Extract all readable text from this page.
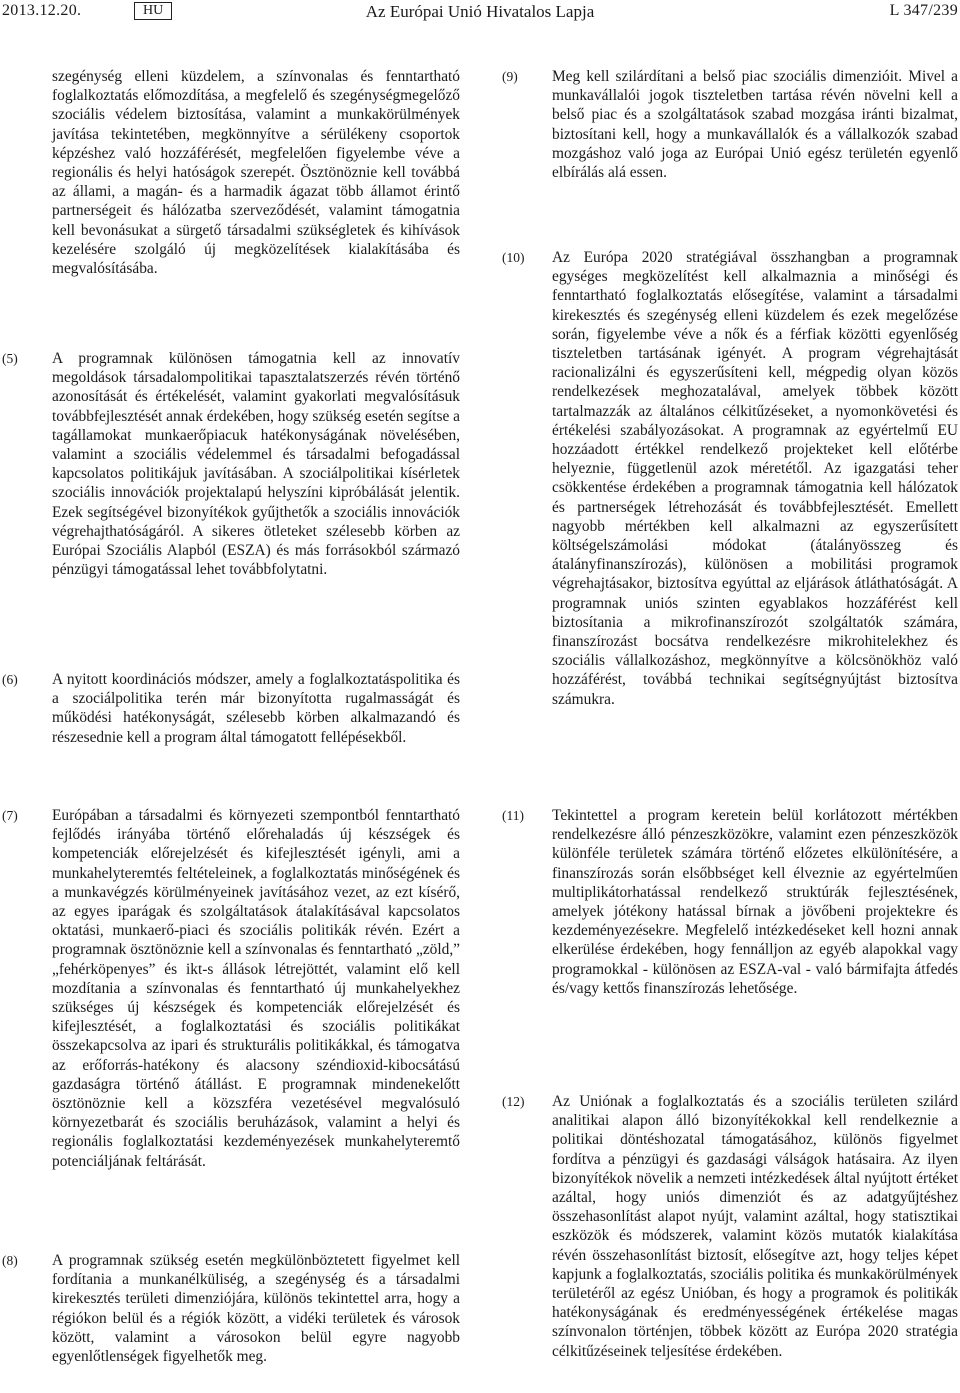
2013.12.20.	HU	Az Európai Unió Hivatalos Lapja	L 347/239
szegénység elleni küzdelem, a színvonalas és fenntartható foglalkoztatás előmozdítása, a megfelelő és szegénységmegelőző szociális védelem biztosítása, valamint a munkakörülmények javítása tekintetében, megkönnyítve a sérülékeny csoportok képzéshez való hozzáférését, megfelelően figyelembe véve a regionális és helyi hatóságok szerepét. Ösztönöznie kell továbbá az állami, a magán- és a harmadik ágazat több államot érintő partnerségeit és hálózatba szerveződését, valamint támogatnia kell bevonásukat a sürgető társadalmi szükségletek és kihívások kezelésére szolgáló új megközelítések kialakításába és megvalósításába.
(5) A programnak különösen támogatnia kell az innovatív megoldások társadalompolitikai tapasztalatszerzés révén történő azonosítását és értékelését, valamint gyakorlati megvalósításuk továbbfejlesztését annak érdekében, hogy szükség esetén segítse a tagállamokat munkaerőpiacuk hatékonyságának növelésében, valamint a szociális védelemmel és társadalmi befogadással kapcsolatos politikájuk javításában. A szociálpolitikai kísérletek szociális innovációk projektalapú helyszíni kipróbálását jelentik. Ezek segítségével bizonyítékok gyűjthetők a szociális innovációk végrehajthatóságáról. A sikeres ötleteket szélesebb körben az Európai Szociális Alapból (ESZA) és más forrásokból származó pénzügyi támogatással lehet továbbfolytatni.
(6) A nyitott koordinációs módszer, amely a foglalkoztatáspolitika és a szociálpolitika terén már bizonyította rugalmasságát és működési hatékonyságát, szélesebb körben alkalmazandó és részesednie kell a program által támogatott fellépésekből.
(7) Európában a társadalmi és környezeti szempontból fenntartható fejlődés irányába történő előrehaladás új készségek és kompetenciák előrejelzését és kifejlesztését igényli, ami a munkahelyteremtés feltételeinek, a foglalkoztatás minőségének és a munkavégzés körülményeinek javításához vezet, az ezt kísérő, az egyes iparágak és szolgáltatások átalakításával kapcsolatos oktatási, munkaerő-piaci és szociális politikák révén. Ezért a programnak ösztönöznie kell a színvonalas és fenntartható „zöld,” „fehérköpenyes” és ikt-s állások létrejöttét, valamint elő kell mozdítania a színvonalas és fenntartható új munkahelyekhez szükséges új készségek és kompetenciák előrejelzését és kifejlesztését, a foglalkoztatási és szociális politikákat összekapcsolva az ipari és strukturális politikákkal, és támogatva az erőforrás-hatékony és alacsony széndioxid-kibocsátású gazdaságra történő átállást. E programnak mindenekelőtt ösztönöznie kell a közszféra vezetésével megvalósuló környezetbarát és szociális beruházások, valamint a helyi és regionális foglalkoztatási kezdeményezések munkahelyteremtő potenciáljának feltárását.
(8) A programnak szükség esetén megkülönböztetett figyelmet kell fordítania a munkanélküliség, a szegénység és a társadalmi kirekesztés területi dimenziójára, különös tekintettel arra, hogy a régiókon belül és a régiók között, a vidéki területek és városok között, valamint a városokon belül egyre nagyobb egyenlőtlenségek figyelhetők meg.
(9) Meg kell szilárdítani a belső piac szociális dimenzióit. Mivel a munkavállalói jogok tiszteletben tartása révén növelni kell a belső piac és a szolgáltatások szabad mozgása iránti bizalmat, biztosítani kell, hogy a munkavállalók és a vállalkozók szabad mozgáshoz való joga az Európai Unió egész területén egyenlő elbírálás alá essen.
(10) Az Európa 2020 stratégiával összhangban a programnak egységes megközelítést kell alkalmaznia a minőségi és fenntartható foglalkoztatás elősegítése, valamint a társadalmi kirekesztés és szegénység elleni küzdelem és ezek megelőzése során, figyelembe véve a nők és a férfiak közötti egyenlőség tiszteletben tartásának igényét. A program végrehajtását racionalizálni és egyszerűsíteni kell, mégpedig olyan közös rendelkezések meghozatalával, amelyek többek között tartalmazzák az általános célkitűzéseket, a nyomonkövetési és értékelési szabályozásokat. A programnak az egyértelmű EU hozzáadott értékkel rendelkező projekteket kell előtérbe helyeznie, függetlenül azok méretétől. Az igazgatási teher csökkentése érdekében a programnak támogatnia kell hálózatok és partnerségek létrehozását és továbbfejlesztését. Emellett nagyobb mértékben kell alkalmazni az egyszerűsített költségelszámolási módokat (átalányösszeg és átalányfinanszírozás), különösen a mobilitási programok végrehajtásakor, biztosítva egyúttal az eljárások átláthatóságát. A programnak uniós szinten egyablakos hozzáférést kell biztosítania a mikrofinanszírozót szolgáltatók számára, finanszírozást bocsátva rendelkezésre mikrohitelekhez és szociális vállalkozáshoz, megkönnyítve a kölcsönökhöz való hozzáférést, továbbá technikai segítségnyújtást biztosítva számukra.
(11) Tekintettel a program keretein belül korlátozott mértékben rendelkezésre álló pénzeszközökre, valamint ezen pénzeszközök különféle területek számára történő előzetes elkülönítésére, a finanszírozás során elsőbbséget kell élveznie az egyértelműen multiplikátorhatással rendelkező struktúrák fejlesztésének, amelyek jótékony hatással bírnak a jövőbeni projektekre és kezdeményezésekre. Megfelelő intézkedéseket kell hozni annak elkerülése érdekében, hogy fennálljon az egyéb alapokkal vagy programokkal - különösen az ESZA-val - való bármifajta átfedés és/vagy kettős finanszírozás lehetősége.
(12) Az Uniónak a foglalkoztatás és a szociális területen szilárd analitikai alapon álló bizonyítékokkal kell rendelkeznie a politikai döntéshozatal támogatásához, különös figyelmet fordítva a pénzügyi és gazdasági válságok hatásaira. Az ilyen bizonyítékok növelik a nemzeti intézkedések által nyújtott értéket azáltal, hogy uniós dimenziót és az adatgyűjtéshez összehasonlítást alapot nyújt, valamint azáltal, hogy statisztikai eszközök és módszerek, valamint közös mutatók kialakítása révén összehasonlítást biztosít, elősegítve azt, hogy teljes képet kapjunk a foglalkoztatás, szociális politika és munkakörülmények területéről az egész Unióban, és hogy a programok és politikák hatékonyságának és eredményességének értékelése magas színvonalon történjen, többek között az Európa 2020 stratégia célkitűzéseinek teljesítése érdekében.
